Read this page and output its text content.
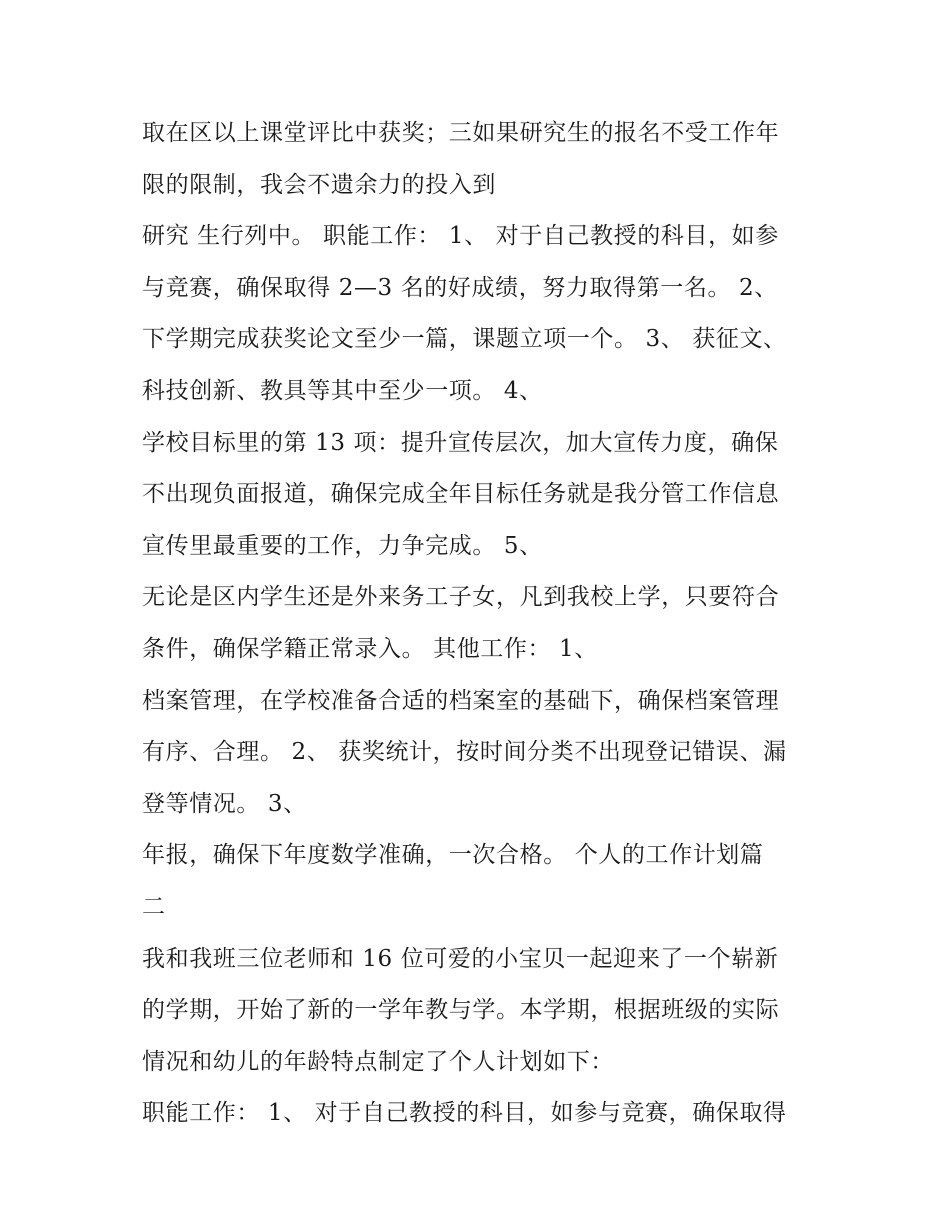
取在区以上课堂评比中获奖；三如果研究生的报名不受工作年
限的限制，我会不遗余力的投入到
研究 生行列中。 职能工作： 1、 对于自己教授的科目，如参
与竞赛，确保取得 2—3 名的好成绩，努力取得第一名。 2、
下学期完成获奖论文至少一篇，课题立项一个。 3、 获征文、
科技创新、教具等其中至少一项。 4、
学校目标里的第 13 项：提升宣传层次，加大宣传力度，确保
不出现负面报道，确保完成全年目标任务就是我分管工作信息
宣传里最重要的工作，力争完成。 5、
无论是区内学生还是外来务工子女，凡到我校上学，只要符合
条件，确保学籍正常录入。 其他工作： 1、
档案管理，在学校准备合适的档案室的基础下，确保档案管理
有序、合理。 2、 获奖统计，按时间分类不出现登记错误、漏
登等情况。 3、
年报，确保下年度数学准确，一次合格。 个人的工作计划篇
二
我和我班三位老师和 16 位可爱的小宝贝一起迎来了一个崭新
的学期，开始了新的一学年教与学。本学期，根据班级的实际
情况和幼儿的年龄特点制定了个人计划如下：
职能工作： 1、 对于自己教授的科目，如参与竞赛，确保取得
